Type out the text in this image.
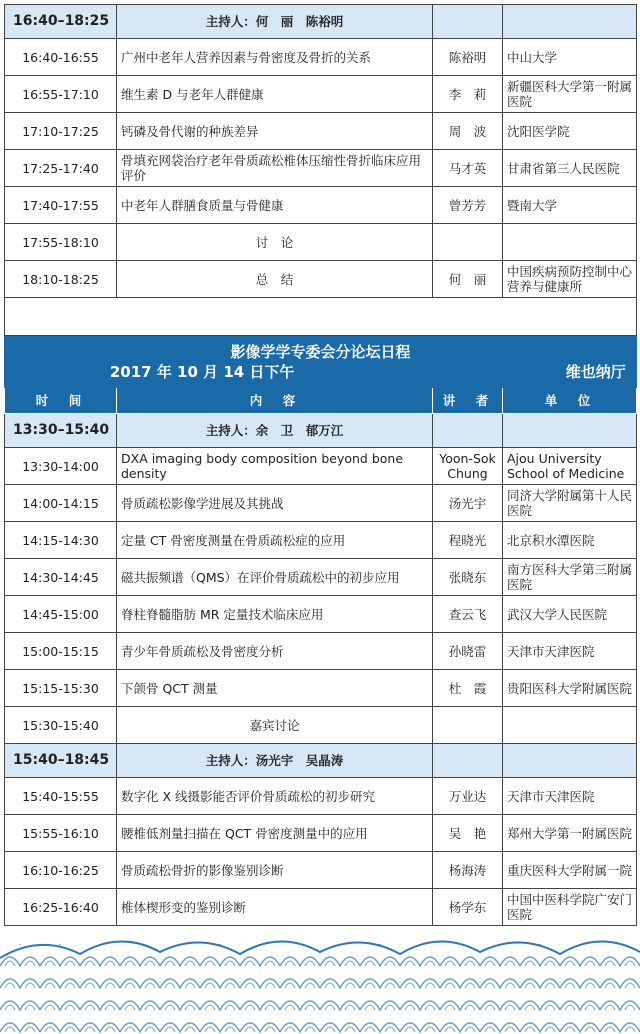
16:40–18:25	主持人：何　丽　陈裕明		
16:40-16:55	广州中老年人营养因素与骨密度及骨折的关系	陈裕明	中山大学
16:55-17:10	维生素 D 与老年人群健康	李　莉	新疆医科大学第一附属医院
17:10-17:25	钙磷及骨代谢的种族差异	周　波	沈阳医学院
17:25-17:40	骨填充网袋治疗老年骨质疏松椎体压缩性骨折临床应用评价	马才英	甘肃省第三人民医院
17:40-17:55	中老年人群膳食质量与骨健康	曾芳芳	暨南大学
17:55-18:10	讨　论		
18:10-18:25	总　结	何　丽	中国疾病预防控制中心营养与健康所

影像学学专委会分论坛日程
2017 年 10 月 14 日下午 维也纳厅			
时　间	内　容	讲　者	单　位
13:30–15:40	主持人：余　卫　郁万江		
13:30-14:00	DXA imaging body composition beyond bone density	Yoon-Sok Chung	Ajou University School of Medicine
14:00-14:15	骨质疏松影像学进展及其挑战	汤光宇	同济大学附属第十人民医院
14:15-14:30	定量 CT 骨密度测量在骨质疏松症的应用	程晓光	北京积水潭医院
14:30-14:45	磁共振频谱（QMS）在评价骨质疏松中的初步应用	张晓东	南方医科大学第三附属医院
14:45-15:00	脊柱脊髓脂肪 MR 定量技术临床应用	查云飞	武汉大学人民医院
15:00-15:15	青少年骨质疏松及骨密度分析	孙晓雷	天津市天津医院
15:15-15:30	下颌骨 QCT 测量	杜　霞	贵阳医科大学附属医院
15:30-15:40	嘉宾讨论		
15:40–18:45	主持人：汤光宇　吴晶涛		
15:40-15:55	数字化 X 线摄影能否评价骨质疏松的初步研究	万业达	天津市天津医院
15:55-16:10	腰椎低剂量扫描在 QCT 骨密度测量中的应用	吴　艳	郑州大学第一附属医院
16:10-16:25	骨质疏松骨折的影像鉴别诊断	杨海涛	重庆医科大学附属一院
16:25-16:40	椎体楔形变的鉴别诊断	杨学东	中国中医科学院广安门医院
